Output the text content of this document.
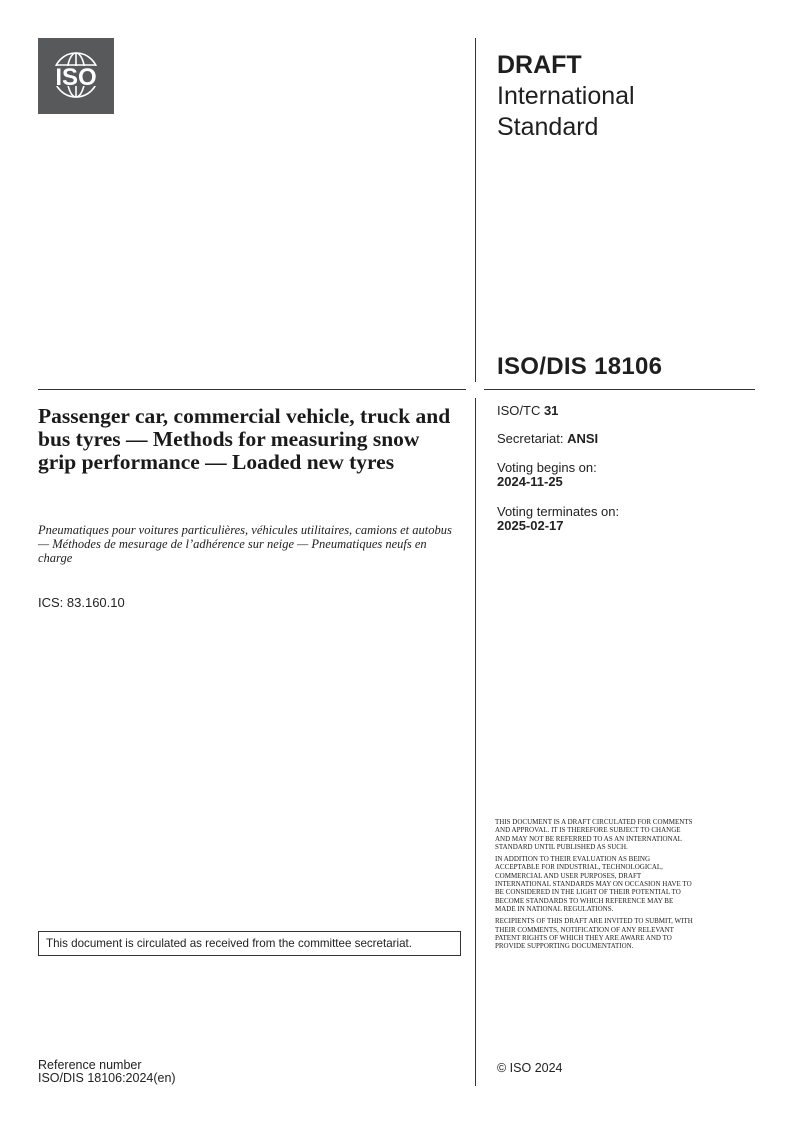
ISO	DRAFT
International
Standard
ISO/DIS 18106
Passenger car, commercial vehicle, truck and bus tyres — Methods for measuring snow grip performance — Loaded new tyres
Pneumatiques pour voitures particulières, véhicules utilitaires, camions et autobus — Méthodes de mesurage de l’adhérence sur neige — Pneumatiques neufs en charge
ICS: 83.160.10
ISO/TC 31
Secretariat: ANSI
Voting begins on:
2024-11-25
Voting terminates on:
2025-02-17

THIS DOCUMENT IS A DRAFT CIRCULATED FOR COMMENTS AND APPROVAL. IT IS THEREFORE SUBJECT TO CHANGE AND MAY NOT BE REFERRED TO AS AN INTERNATIONAL STANDARD UNTIL PUBLISHED AS SUCH.

IN ADDITION TO THEIR EVALUATION AS BEING ACCEPTABLE FOR INDUSTRIAL, TECHNOLOGICAL, COMMERCIAL AND USER PURPOSES, DRAFT INTERNATIONAL STANDARDS MAY ON OCCASION HAVE TO BE CONSIDERED IN THE LIGHT OF THEIR POTENTIAL TO BECOME STANDARDS TO WHICH REFERENCE MAY BE MADE IN NATIONAL REGULATIONS.

RECIPIENTS OF THIS DRAFT ARE INVITED TO SUBMIT, WITH THEIR COMMENTS, NOTIFICATION OF ANY RELEVANT PATENT RIGHTS OF WHICH THEY ARE AWARE AND TO PROVIDE SUPPORTING DOCUMENTATION.

This document is circulated as received from the committee secretariat.
Reference number
ISO/DIS 18106:2024(en)
© ISO 2024
